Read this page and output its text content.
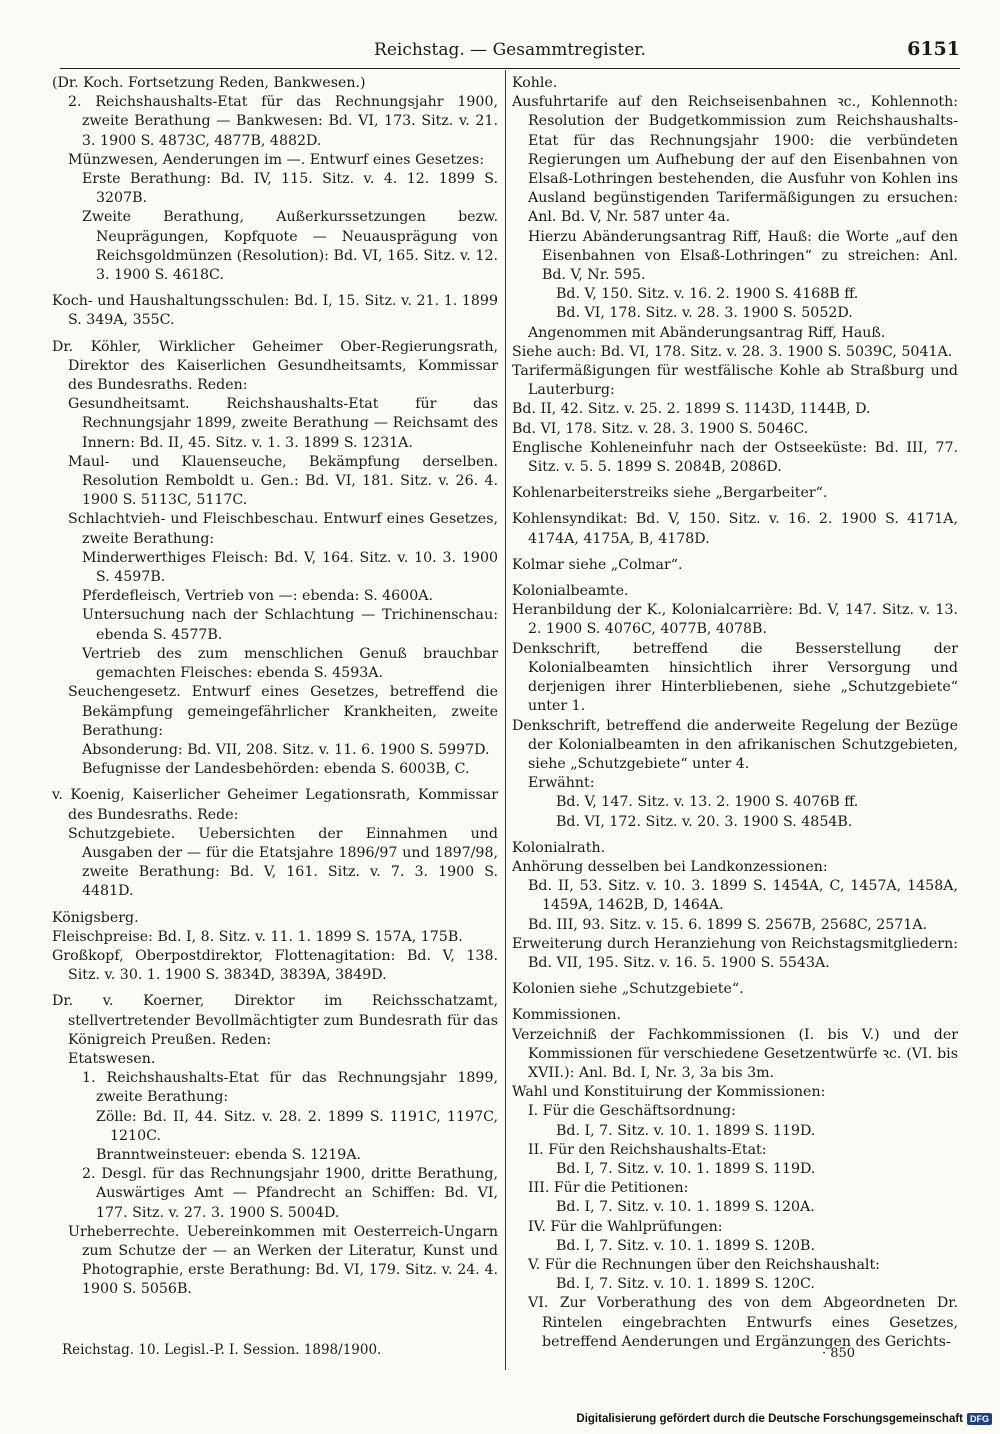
Reichstag. — Gesammtregister.	6151

(Dr. Koch. Fortsetzung Reden, Bankwesen.)

2. Reichshaushalts-Etat für das Rechnungsjahr 1900, zweite Berathung — Bankwesen: Bd. VI, 173. Sitz. v. 21. 3. 1900 S. 4873C, 4877B, 4882D.

Münzwesen, Aenderungen im —. Entwurf eines Gesetzes:

Erste Berathung: Bd. IV, 115. Sitz. v. 4. 12. 1899 S. 3207B.

Zweite Berathung, Außerkurssetzungen bezw. Neuprägungen, Kopfquote — Neuausprägung von Reichsgoldmünzen (Resolution): Bd. VI, 165. Sitz. v. 12. 3. 1900 S. 4618C.

Koch- und Haushaltungsschulen: Bd. I, 15. Sitz. v. 21. 1. 1899 S. 349A, 355C.

Dr. Köhler, Wirklicher Geheimer Ober-Regierungsrath, Direktor des Kaiserlichen Gesundheitsamts, Kommissar des Bundesraths. Reden:

Gesundheitsamt. Reichshaushalts-Etat für das Rechnungsjahr 1899, zweite Berathung — Reichsamt des Innern: Bd. II, 45. Sitz. v. 1. 3. 1899 S. 1231A.

Maul- und Klauenseuche, Bekämpfung derselben. Resolution Remboldt u. Gen.: Bd. VI, 181. Sitz. v. 26. 4. 1900 S. 5113C, 5117C.

Schlachtvieh- und Fleischbeschau. Entwurf eines Gesetzes, zweite Berathung:

Minderwerthiges Fleisch: Bd. V, 164. Sitz. v. 10. 3. 1900 S. 4597B.

Pferdefleisch, Vertrieb von —: ebenda: S. 4600A.

Untersuchung nach der Schlachtung — Trichinenschau: ebenda S. 4577B.

Vertrieb des zum menschlichen Genuß brauchbar gemachten Fleisches: ebenda S. 4593A.

Seuchengesetz. Entwurf eines Gesetzes, betreffend die Bekämpfung gemeingefährlicher Krankheiten, zweite Berathung:

Absonderung: Bd. VII, 208. Sitz. v. 11. 6. 1900 S. 5997D.

Befugnisse der Landesbehörden: ebenda S. 6003B, C.

v. Koenig, Kaiserlicher Geheimer Legationsrath, Kommissar des Bundesraths. Rede:

Schutzgebiete. Uebersichten der Einnahmen und Ausgaben der — für die Etatsjahre 1896/97 und 1897/98, zweite Berathung: Bd. V, 161. Sitz. v. 7. 3. 1900 S. 4481D.

Königsberg.

Fleischpreise: Bd. I, 8. Sitz. v. 11. 1. 1899 S. 157A, 175B.

Großkopf, Oberpostdirektor, Flottenagitation: Bd. V, 138. Sitz. v. 30. 1. 1900 S. 3834D, 3839A, 3849D.

Dr. v. Koerner, Direktor im Reichsschatzamt, stellvertretender Bevollmächtigter zum Bundesrath für das Königreich Preußen. Reden:

Etatswesen.

1. Reichshaushalts-Etat für das Rechnungsjahr 1899, zweite Berathung:

Zölle: Bd. II, 44. Sitz. v. 28. 2. 1899 S. 1191C, 1197C, 1210C.

Branntweinsteuer: ebenda S. 1219A.

2. Desgl. für das Rechnungsjahr 1900, dritte Berathung, Auswärtiges Amt — Pfandrecht an Schiffen: Bd. VI, 177. Sitz. v. 27. 3. 1900 S. 5004D.

Urheberrechte. Uebereinkommen mit Oesterreich-Ungarn zum Schutze der — an Werken der Literatur, Kunst und Photographie, erste Berathung: Bd. VI, 179. Sitz. v. 24. 4. 1900 S. 5056B.

Kohle.

Ausfuhrtarife auf den Reichseisenbahnen ꝛc., Kohlennoth: Resolution der Budgetkommission zum Reichshaushalts-Etat für das Rechnungsjahr 1900: die verbündeten Regierungen um Aufhebung der auf den Eisenbahnen von Elsaß-Lothringen bestehenden, die Ausfuhr von Kohlen ins Ausland begünstigenden Tarifermäßigungen zu ersuchen: Anl. Bd. V, Nr. 587 unter 4a.

Hierzu Abänderungsantrag Riff, Hauß: die Worte „auf den Eisenbahnen von Elsaß-Lothringen“ zu streichen: Anl. Bd. V, Nr. 595.

Bd. V, 150. Sitz. v. 16. 2. 1900 S. 4168B ff.

Bd. VI, 178. Sitz. v. 28. 3. 1900 S. 5052D.

Angenommen mit Abänderungsantrag Riff, Hauß.

Siehe auch: Bd. VI, 178. Sitz. v. 28. 3. 1900 S. 5039C, 5041A.

Tarifermäßigungen für westfälische Kohle ab Straßburg und Lauterburg:

Bd. II, 42. Sitz. v. 25. 2. 1899 S. 1143D, 1144B, D.

Bd. VI, 178. Sitz. v. 28. 3. 1900 S. 5046C.

Englische Kohleneinfuhr nach der Ostseeküste: Bd. III, 77. Sitz. v. 5. 5. 1899 S. 2084B, 2086D.

Kohlenarbeiterstreiks siehe „Bergarbeiter“.

Kohlensyndikat: Bd. V, 150. Sitz. v. 16. 2. 1900 S. 4171A, 4174A, 4175A, B, 4178D.

Kolmar siehe „Colmar“.

Kolonialbeamte.

Heranbildung der K., Kolonialcarrière: Bd. V, 147. Sitz. v. 13. 2. 1900 S. 4076C, 4077B, 4078B.

Denkschrift, betreffend die Besserstellung der Kolonialbeamten hinsichtlich ihrer Versorgung und derjenigen ihrer Hinterbliebenen, siehe „Schutzgebiete“ unter 1.

Denkschrift, betreffend die anderweite Regelung der Bezüge der Kolonialbeamten in den afrikanischen Schutzgebieten, siehe „Schutzgebiete“ unter 4.

Erwähnt:

Bd. V, 147. Sitz. v. 13. 2. 1900 S. 4076B ff.

Bd. VI, 172. Sitz. v. 20. 3. 1900 S. 4854B.

Kolonialrath.

Anhörung desselben bei Landkonzessionen:

Bd. II, 53. Sitz. v. 10. 3. 1899 S. 1454A, C, 1457A, 1458A, 1459A, 1462B, D, 1464A.

Bd. III, 93. Sitz. v. 15. 6. 1899 S. 2567B, 2568C, 2571A.

Erweiterung durch Heranziehung von Reichstagsmitgliedern: Bd. VII, 195. Sitz. v. 16. 5. 1900 S. 5543A.

Kolonien siehe „Schutzgebiete“.

Kommissionen.

Verzeichniß der Fachkommissionen (I. bis V.) und der Kommissionen für verschiedene Gesetzentwürfe ꝛc. (VI. bis XVII.): Anl. Bd. I, Nr. 3, 3a bis 3m.

Wahl und Konstituirung der Kommissionen:

I. Für die Geschäftsordnung:

Bd. I, 7. Sitz. v. 10. 1. 1899 S. 119D.

II. Für den Reichshaushalts-Etat:

Bd. I, 7. Sitz. v. 10. 1. 1899 S. 119D.

III. Für die Petitionen:

Bd. I, 7. Sitz. v. 10. 1. 1899 S. 120A.

IV. Für die Wahlprüfungen:

Bd. I, 7. Sitz. v. 10. 1. 1899 S. 120B.

V. Für die Rechnungen über den Reichshaushalt:

Bd. I, 7. Sitz. v. 10. 1. 1899 S. 120C.

VI. Zur Vorberathung des von dem Abgeordneten Dr. Rintelen eingebrachten Entwurfs eines Gesetzes, betreffend Aenderungen und Ergänzungen des Gerichts-

Reichstag. 10. Legisl.-P. I. Session. 1898/1900.	· 850
Digitalisierung gefördert durch die Deutsche Forschungsgemeinschaft DFG
